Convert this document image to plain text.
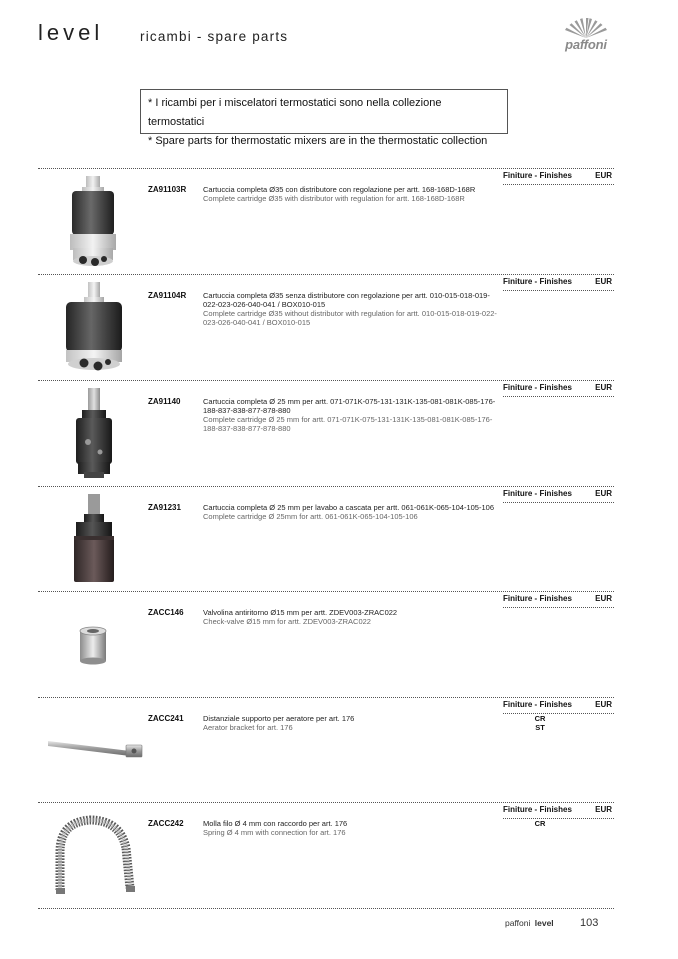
level	ricambi - spare parts
paffoni
* I ricambi per i miscelatori termostatici sono nella collezione termostatici
* Spare parts for thermostatic mixers are in the thermostatic collection
Finiture - Finishes	EUR
ZA91103R Cartuccia completa Ø35 con distributore con regolazione per artt. 168-168D-168R
Complete cartridge Ø35 with distributor with regulation for artt. 168-168D-168R
Finiture - Finishes	EUR
ZA91104R Cartuccia completa Ø35 senza distributore con regolazione per artt. 010-015-018-019-022-023-026-040-041 / BOX010-015
Complete cartridge Ø35 without distributor with regulation for artt. 010-015-018-019-022-023-026-040-041 / BOX010-015
Finiture - Finishes	EUR
ZA91140	Cartuccia completa Ø 25 mm per artt. 071-071K-075-131-131K-135-081-081K-085-176-188-837-838-877-878-880
Complete cartridge Ø 25 mm for artt. 071-071K-075-131-131K-135-081-081K-085-176-188-837-838-877-878-880
Finiture - Finishes	EUR
ZA91231	Cartuccia completa Ø 25 mm per lavabo a cascata per artt. 061-061K-065-104-105-106
Complete cartridge Ø 25mm for artt. 061-061K-065-104-105-106
Finiture - Finishes	EUR
ZACC146	Valvolina antiritorno Ø15 mm per artt. ZDEV003-ZRAC022
Check-valve Ø15 mm for artt. ZDEV003-ZRAC022
Finiture - Finishes	EUR
ZACC241	Distanziale supporto per aeratore per art. 176
Aerator bracket for art. 176
CR
ST
Finiture - Finishes	EUR
ZACC242	Molla filo Ø 4 mm con raccordo per art. 176
Spring Ø 4 mm with connection for art. 176
CR
paffoni level 103
